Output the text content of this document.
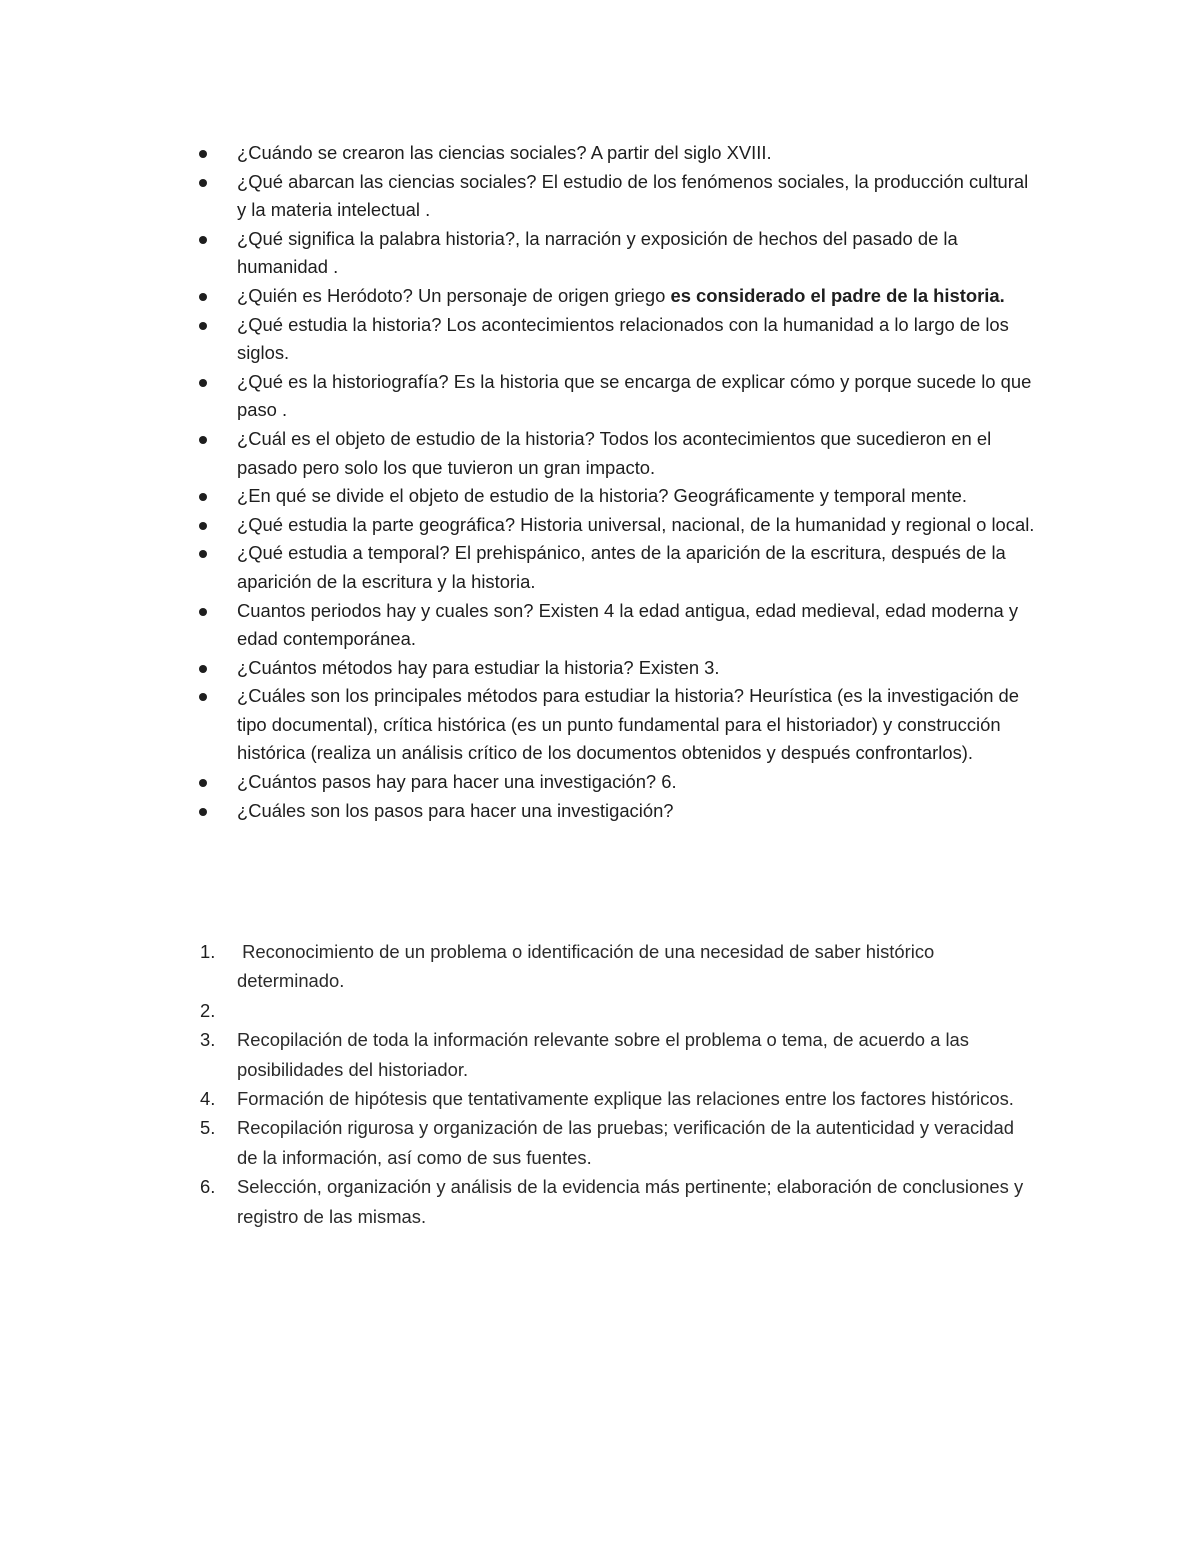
¿Cuándo se crearon las ciencias sociales? A partir del siglo XVIII.
¿Qué abarcan las ciencias sociales? El estudio de los fenómenos sociales, la producción cultural y la materia intelectual .
¿Qué significa la palabra historia?, la narración y exposición de hechos del pasado de la humanidad .
¿Quién es Heródoto? Un personaje de origen griego es considerado el padre de la historia.
¿Qué estudia la historia? Los acontecimientos relacionados con la humanidad a lo largo de los siglos.
¿Qué es la historiografía? Es la historia que se encarga de explicar cómo y porque sucede lo que paso .
¿Cuál es el objeto de estudio de la historia? Todos los acontecimientos que sucedieron en el pasado pero solo los que tuvieron un gran impacto.
¿En qué se divide el objeto de estudio de la historia? Geográficamente y temporal mente.
¿Qué estudia la parte geográfica? Historia universal, nacional, de la humanidad y regional o local.
¿Qué estudia a temporal? El prehispánico, antes de la aparición de la escritura, después de la aparición de la escritura y la historia.
Cuantos periodos hay y cuales son? Existen 4 la edad antigua, edad medieval, edad moderna y edad contemporánea.
¿Cuántos métodos hay para estudiar la historia? Existen 3.
¿Cuáles son los principales métodos para estudiar la historia? Heurística (es la investigación de tipo documental), crítica histórica (es un punto fundamental para el historiador) y construcción histórica (realiza un análisis crítico de los documentos obtenidos y después confrontarlos).
¿Cuántos pasos hay para hacer una investigación? 6.
¿Cuáles son los pasos para hacer una investigación?
1. Reconocimiento de un problema o identificación de una necesidad de saber histórico determinado.
2.

3. Recopilación de toda la información relevante sobre el problema o tema, de acuerdo a las posibilidades del historiador.
4. Formación de hipótesis que tentativamente explique las relaciones entre los factores históricos.
5. Recopilación rigurosa y organización de las pruebas; verificación de la autenticidad y veracidad de la información, así como de sus fuentes.
6. Selección, organización y análisis de la evidencia más pertinente; elaboración de conclusiones y registro de las mismas.
